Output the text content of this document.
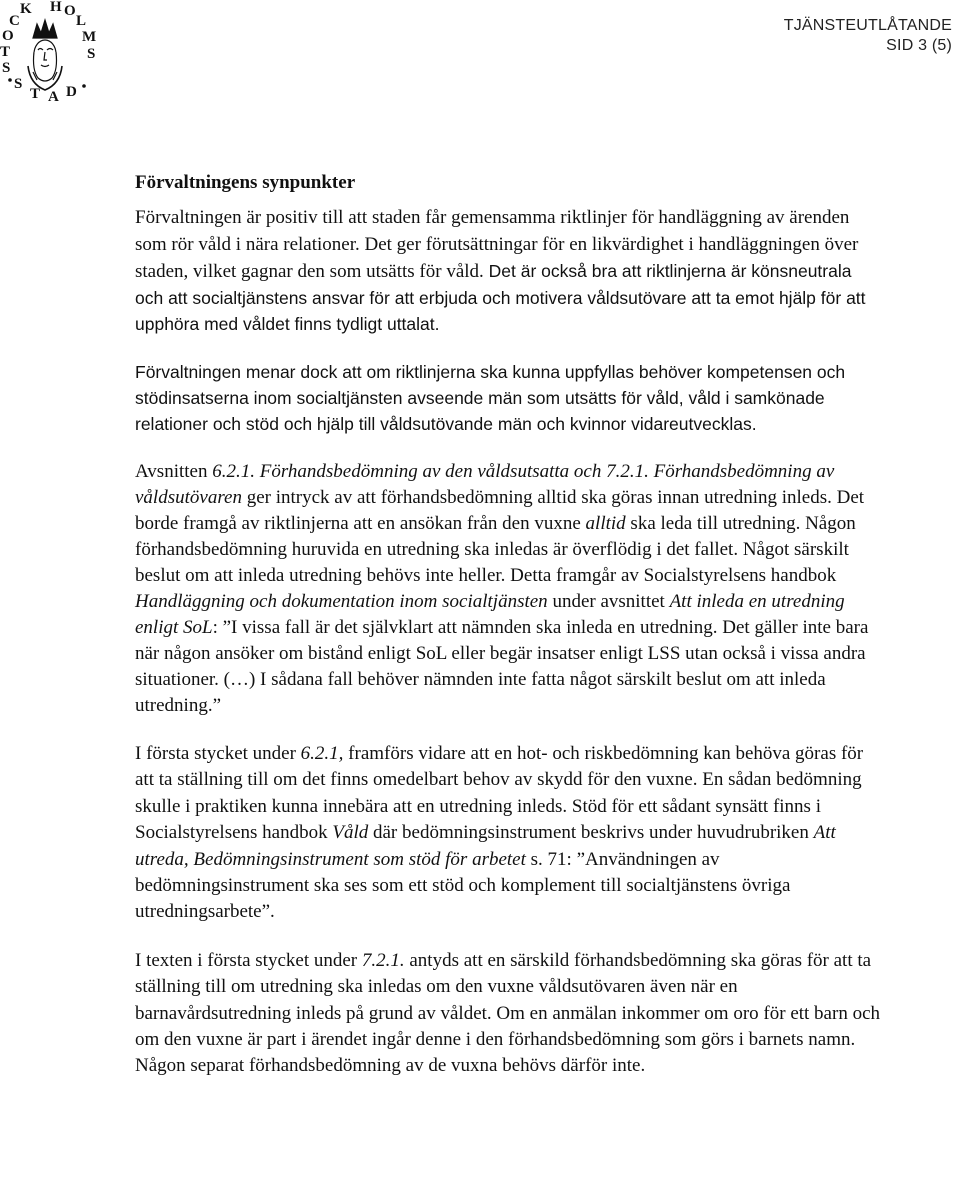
S
T
O
C
K H O
L
M
S
S
T A D
TJÄNSTEUTLÅTANDE
SID 3 (5)
Förvaltningens synpunkter

Förvaltningen är positiv till att staden får gemensamma riktlinjer för handläggning av ärenden som rör våld i nära relationer. Det ger förutsättningar för en likvärdighet i handläggningen över staden, vilket gagnar den som utsätts för våld. Det är också bra att riktlinjerna är könsneutrala och att socialtjänstens ansvar för att erbjuda och motivera våldsutövare att ta emot hjälp för att upphöra med våldet finns tydligt uttalat.

Förvaltningen menar dock att om riktlinjerna ska kunna uppfyllas behöver kompetensen och stödinsatserna inom socialtjänsten avseende män som utsätts för våld, våld i samkönade relationer och stöd och hjälp till våldsutövande män och kvinnor vidareutvecklas.

Avsnitten 6.2.1. Förhandsbedömning av den våldsutsatta och 7.2.1. Förhandsbedömning av våldsutövaren ger intryck av att förhandsbedömning alltid ska göras innan utredning inleds. Det borde framgå av riktlinjerna att en ansökan från den vuxne alltid ska leda till utredning. Någon förhandsbedömning huruvida en utredning ska inledas är överflödig i det fallet. Något särskilt beslut om att inleda utredning behövs inte heller. Detta framgår av Socialstyrelsens handbok Handläggning och dokumentation inom socialtjänsten under avsnittet Att inleda en utredning enligt SoL: ”I vissa fall är det självklart att nämnden ska inleda en utredning. Det gäller inte bara när någon ansöker om bistånd enligt SoL eller begär insatser enligt LSS utan också i vissa andra situationer. (…) I sådana fall behöver nämnden inte fatta något särskilt beslut om att inleda utredning.”

I första stycket under 6.2.1, framförs vidare att en hot- och riskbedömning kan behöva göras för att ta ställning till om det finns omedelbart behov av skydd för den vuxne. En sådan bedömning skulle i praktiken kunna innebära att en utredning inleds. Stöd för ett sådant synsätt finns i Socialstyrelsens handbok Våld där bedömningsinstrument beskrivs under huvudrubriken Att utreda, Bedömningsinstrument som stöd för arbetet s. 71: ”Användningen av bedömningsinstrument ska ses som ett stöd och komplement till socialtjänstens övriga utredningsarbete”.

I texten i första stycket under 7.2.1. antyds att en särskild förhandsbedömning ska göras för att ta ställning till om utredning ska inledas om den vuxne våldsutövaren även när en barnavårdsutredning inleds på grund av våldet. Om en anmälan inkommer om oro för ett barn och om den vuxne är part i ärendet ingår denne i den förhandsbedömning som görs i barnets namn. Någon separat förhandsbedömning av de vuxna behövs därför inte.
